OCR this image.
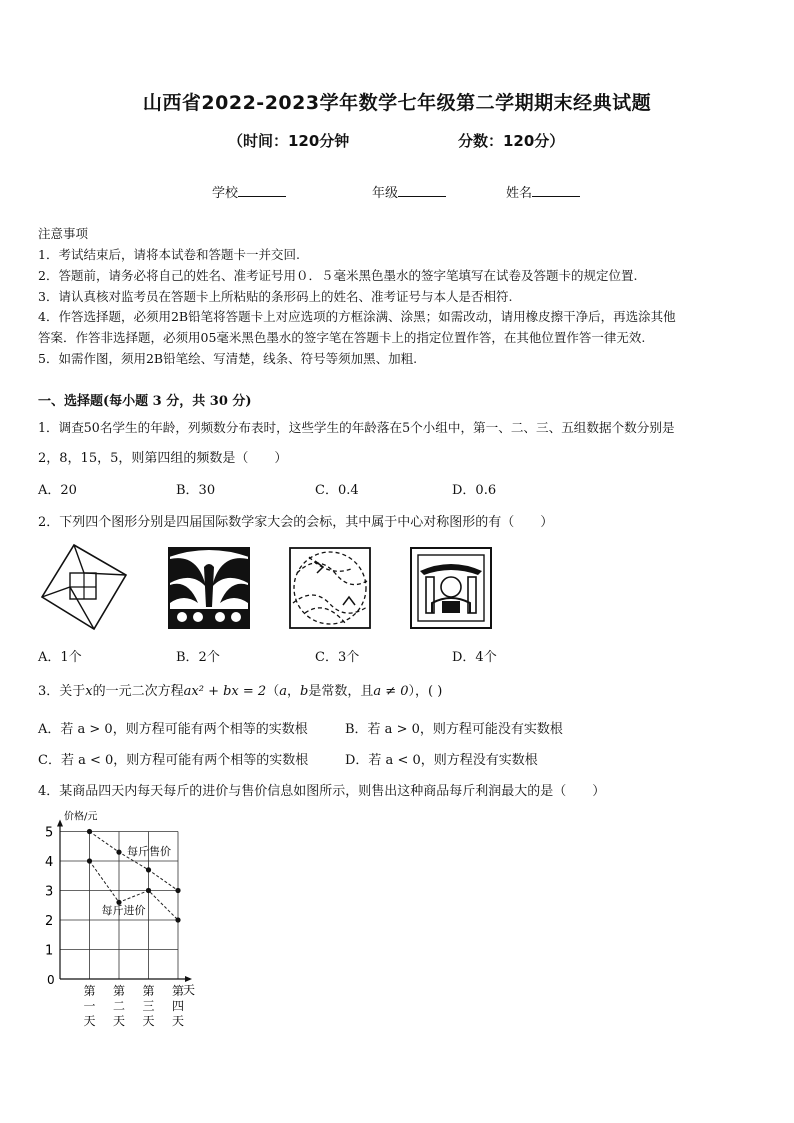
山西省2022-2023学年数学七年级第二学期期末经典试题
（时间：120分钟	分数：120分）
学校	年级	姓名
注意事项
1．考试结束后，请将本试卷和答题卡一并交回.
2．答题前，请务必将自己的姓名、准考证号用０．５毫米黑色墨水的签字笔填写在试卷及答题卡的规定位置.
3．请认真核对监考员在答题卡上所粘贴的条形码上的姓名、准考证号与本人是否相符.
4．作答选择题，必须用2B铅笔将答题卡上对应选项的方框涂满、涂黑；如需改动，请用橡皮擦干净后，再选涂其他
答案．作答非选择题，必须用05毫米黑色墨水的签字笔在答题卡上的指定位置作答，在其他位置作答一律无效.
5．如需作图，须用2B铅笔绘、写清楚，线条、符号等须加黑、加粗.
一、选择题(每小题 3 分，共 30 分)
1．调查50名学生的年龄，列频数分布表时，这些学生的年龄落在5个小组中，第一、二、三、五组数据个数分别是
2，8，15，5，则第四组的频数是（　　）
A．20	B．30	C．0.4	D．0.6
2．下列四个图形分别是四届国际数学家大会的会标，其中属于中心对称图形的有（　　）
A．1个	B．2个	C．3个	D．4个
3．关于x的一元二次方程ax² + bx = 2（a，b是常数，且a ≠ 0），( )
A．若 a > 0，则方程可能有两个相等的实数根	B．若 a > 0，则方程可能没有实数根
C．若 a < 0，则方程可能有两个相等的实数根	D．若 a < 0，则方程没有实数根
4．某商品四天内每天每斤的进价与售价信息如图所示，则售出这种商品每斤利润最大的是（　　）
价格/元
天
0
1
2
3
4
5
第
一
天
第
二
天
第
三
天
第
四
天
每斤售价
每斤进价
